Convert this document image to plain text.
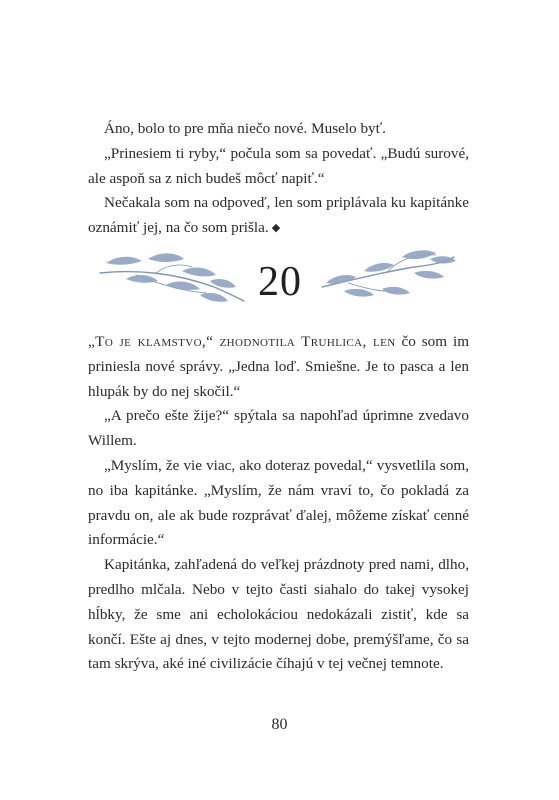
Áno, bolo to pre mňa niečo nové. Muselo byť.

„Prinesiem ti ryby,“ počula som sa povedať. „Budú surové, ale aspoň sa z nich budeš môcť napiť.“

Nečakala som na odpoveď, len som priplávala ku kapitánke oznámiť jej, na čo som prišla. ◆

20

„To je klamstvo,“ zhodnotila Truhlica, len čo som im priniesla nové správy. „Jedna loď. Smiešne. Je to pasca a len hlupák by do nej skočil.“

„A prečo ešte žije?“ spýtala sa napohľad úprimne zvedavo Willem.

„Myslím, že vie viac, ako doteraz povedal,“ vysvetlila som, no iba kapitánke. „Myslím, že nám vraví to, čo pokladá za pravdu on, ale ak bude rozprávať ďalej, môžeme získať cenné informácie.“

Kapitánka, zahľadená do veľkej prázdnoty pred nami, dlho, predlho mlčala. Nebo v tejto časti siahalo do takej vysokej hĺbky, že sme ani echolokáciou nedokázali zistiť, kde sa končí. Ešte aj dnes, v tejto modernej dobe, premýšľame, čo sa tam skrýva, aké iné civilizácie číhajú v tej večnej temnote.

80
